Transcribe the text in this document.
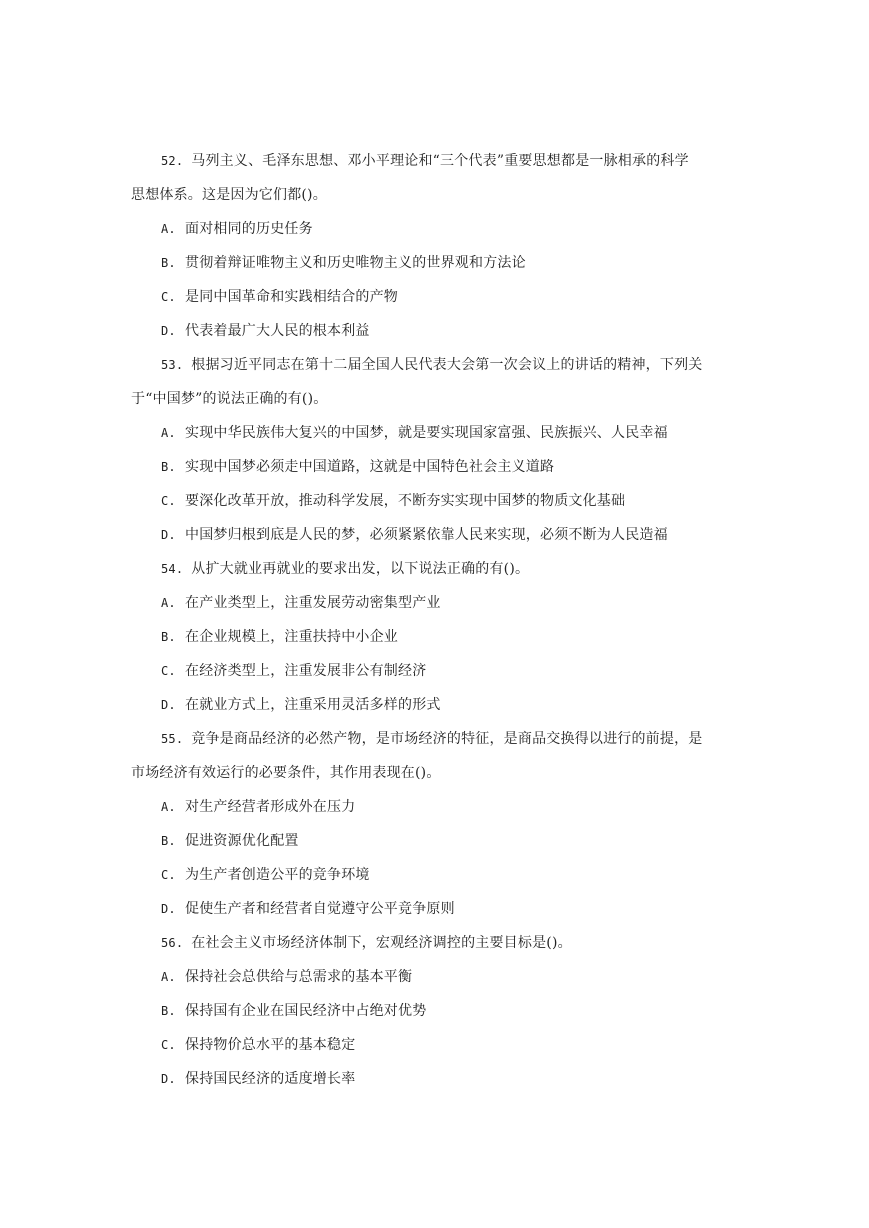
52. 马列主义、毛泽东思想、邓小平理论和“三个代表”重要思想都是一脉相承的科学
思想体系。这是因为它们都()。
A. 面对相同的历史任务
B. 贯彻着辩证唯物主义和历史唯物主义的世界观和方法论
C. 是同中国革命和实践相结合的产物
D. 代表着最广大人民的根本利益
53. 根据习近平同志在第十二届全国人民代表大会第一次会议上的讲话的精神，下列关
于“中国梦”的说法正确的有()。
A. 实现中华民族伟大复兴的中国梦，就是要实现国家富强、民族振兴、人民幸福
B. 实现中国梦必须走中国道路，这就是中国特色社会主义道路
C. 要深化改革开放，推动科学发展，不断夯实实现中国梦的物质文化基础
D. 中国梦归根到底是人民的梦，必须紧紧依靠人民来实现，必须不断为人民造福
54. 从扩大就业再就业的要求出发，以下说法正确的有()。
A. 在产业类型上，注重发展劳动密集型产业
B. 在企业规模上，注重扶持中小企业
C. 在经济类型上，注重发展非公有制经济
D. 在就业方式上，注重采用灵活多样的形式
55. 竞争是商品经济的必然产物，是市场经济的特征，是商品交换得以进行的前提，是
市场经济有效运行的必要条件，其作用表现在()。
A. 对生产经营者形成外在压力
B. 促进资源优化配置
C. 为生产者创造公平的竞争环境
D. 促使生产者和经营者自觉遵守公平竞争原则
56. 在社会主义市场经济体制下，宏观经济调控的主要目标是()。
A. 保持社会总供给与总需求的基本平衡
B. 保持国有企业在国民经济中占绝对优势
C. 保持物价总水平的基本稳定
D. 保持国民经济的适度增长率
